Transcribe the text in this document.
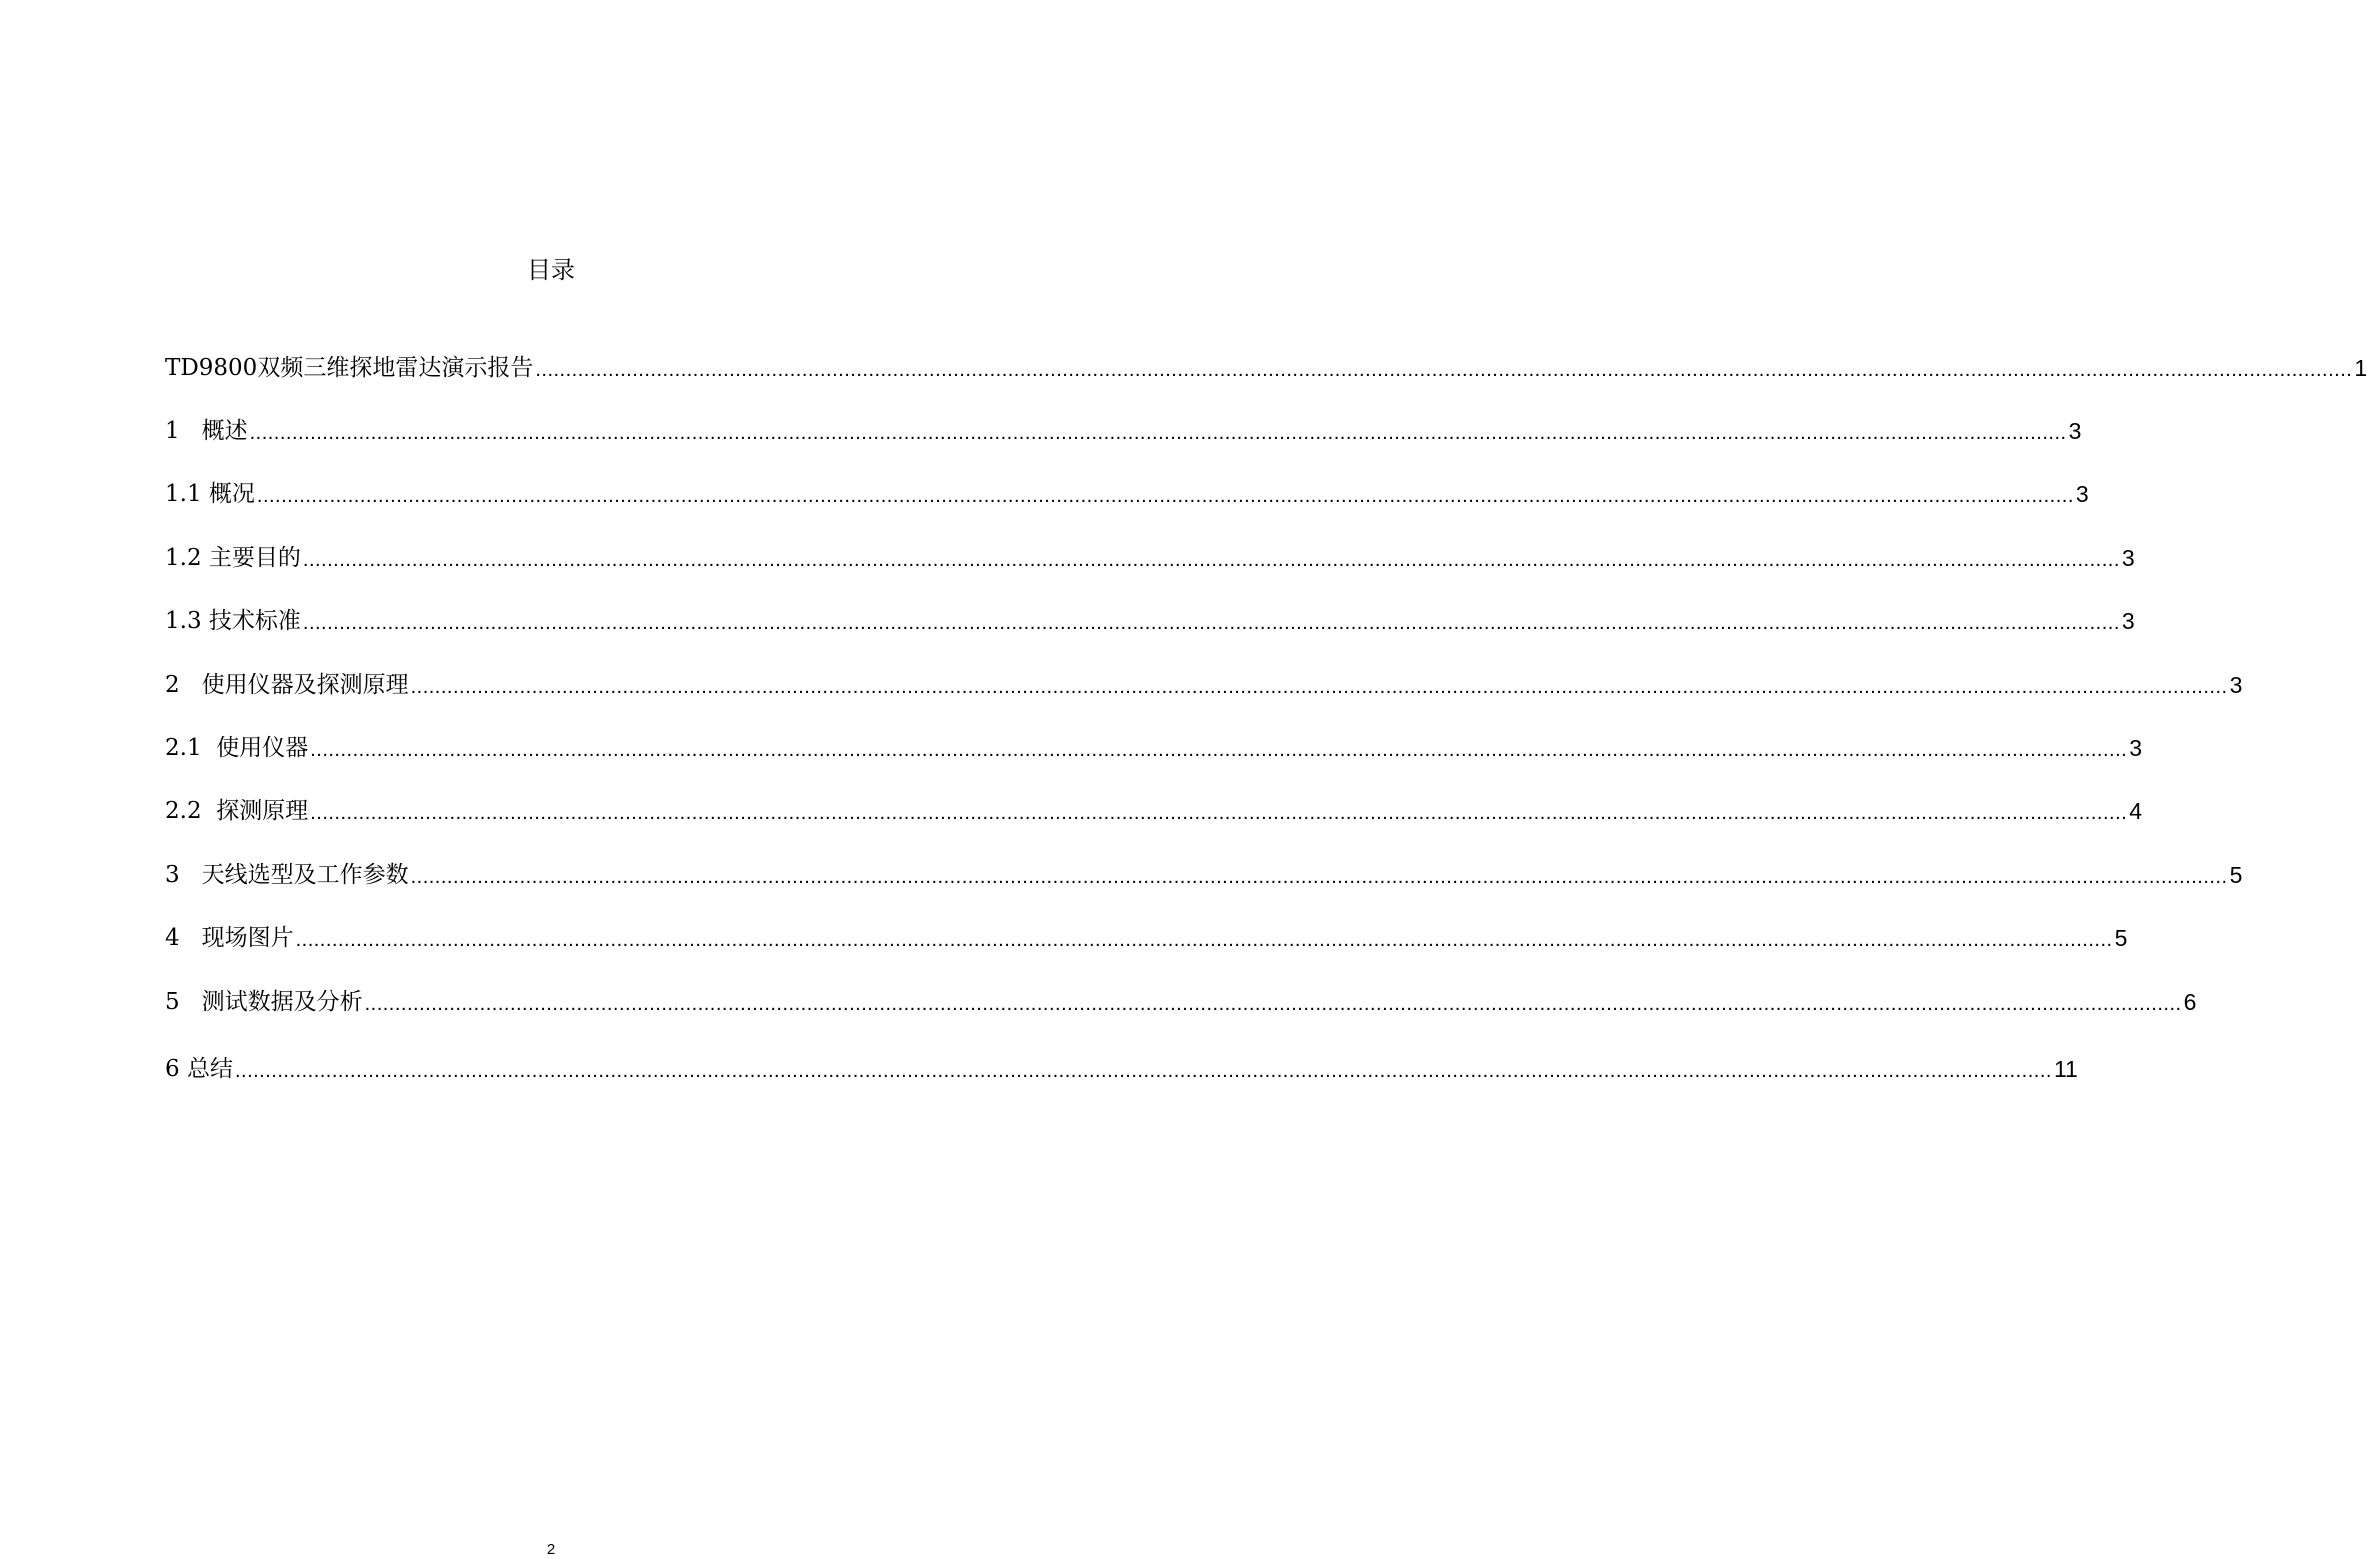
目录
TD9800双频三维探地雷达演示报告 ............................................................................................................................................................................................................................................................................................................ 1
1   概述 ............................................................................................................................................................................................................................................................................................................ 3
1.1 概况 ............................................................................................................................................................................................................................................................................................................ 3
1.2 主要目的 ............................................................................................................................................................................................................................................................................................................ 3
1.3 技术标准 ............................................................................................................................................................................................................................................................................................................ 3
2   使用仪器及探测原理 ............................................................................................................................................................................................................................................................................................................ 3
2.1  使用仪器 ............................................................................................................................................................................................................................................................................................................ 3
2.2  探测原理 ............................................................................................................................................................................................................................................................................................................ 4
3   天线选型及工作参数 ............................................................................................................................................................................................................................................................................................................ 5
4   现场图片 ............................................................................................................................................................................................................................................................................................................ 5
5   测试数据及分析 ............................................................................................................................................................................................................................................................................................................ 6
6 总结 ............................................................................................................................................................................................................................................................................................................ 11
2
